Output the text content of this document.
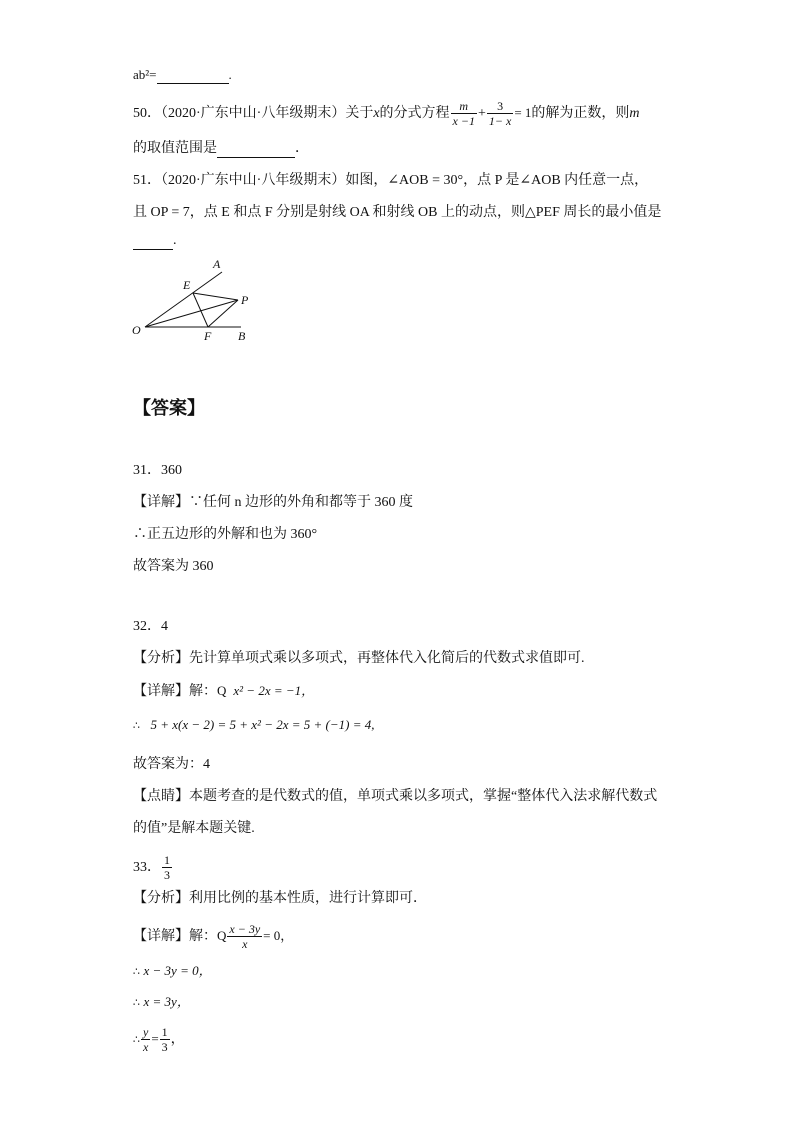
ab²=	.
50．（2020·广东中山·八年级期末）关于x的分式方程 $\frac{m}{x -1} + \frac{3}{1- x} = 1$的解为正数，则m
的取值范围是	．
51．（2020·广东中山·八年级期末）如图，∠AOB = 30°，点 P 是∠AOB 内任意一点，
且 OP = 7，点 E 和点 F 分别是射线 OA 和射线 OB 上的动点，则△PEF 周长的最小值是
.
A
E
P
O	F B
【答案】
31．360
【详解】∵任何 n 边形的外角和都等于 360 度
∴正五边形的外解和也为 360°
故答案为 360
32．4
【分析】先计算单项式乘以多项式，再整体代入化简后的代数式求值即可.
【详解】解：Q x² − 2x = −1，
∴ 5 + x(x − 2) = 5 + x² − 2x = 5 + (−1) = 4,
故答案为：4
【点睛】本题考查的是代数式的值，单项式乘以多项式，掌握“整体代入法求解代数式
的值”是解本题关键.
33． $\frac{1}{3}$
【分析】利用比例的基本性质，进行计算即可．
【详解】解：Q $\frac{x - 3y}{x} = 0$，
∴ x − 3y = 0，
∴ x = 3y，
∴ $\frac{y}{x} = \frac{1}{3}$ ，
